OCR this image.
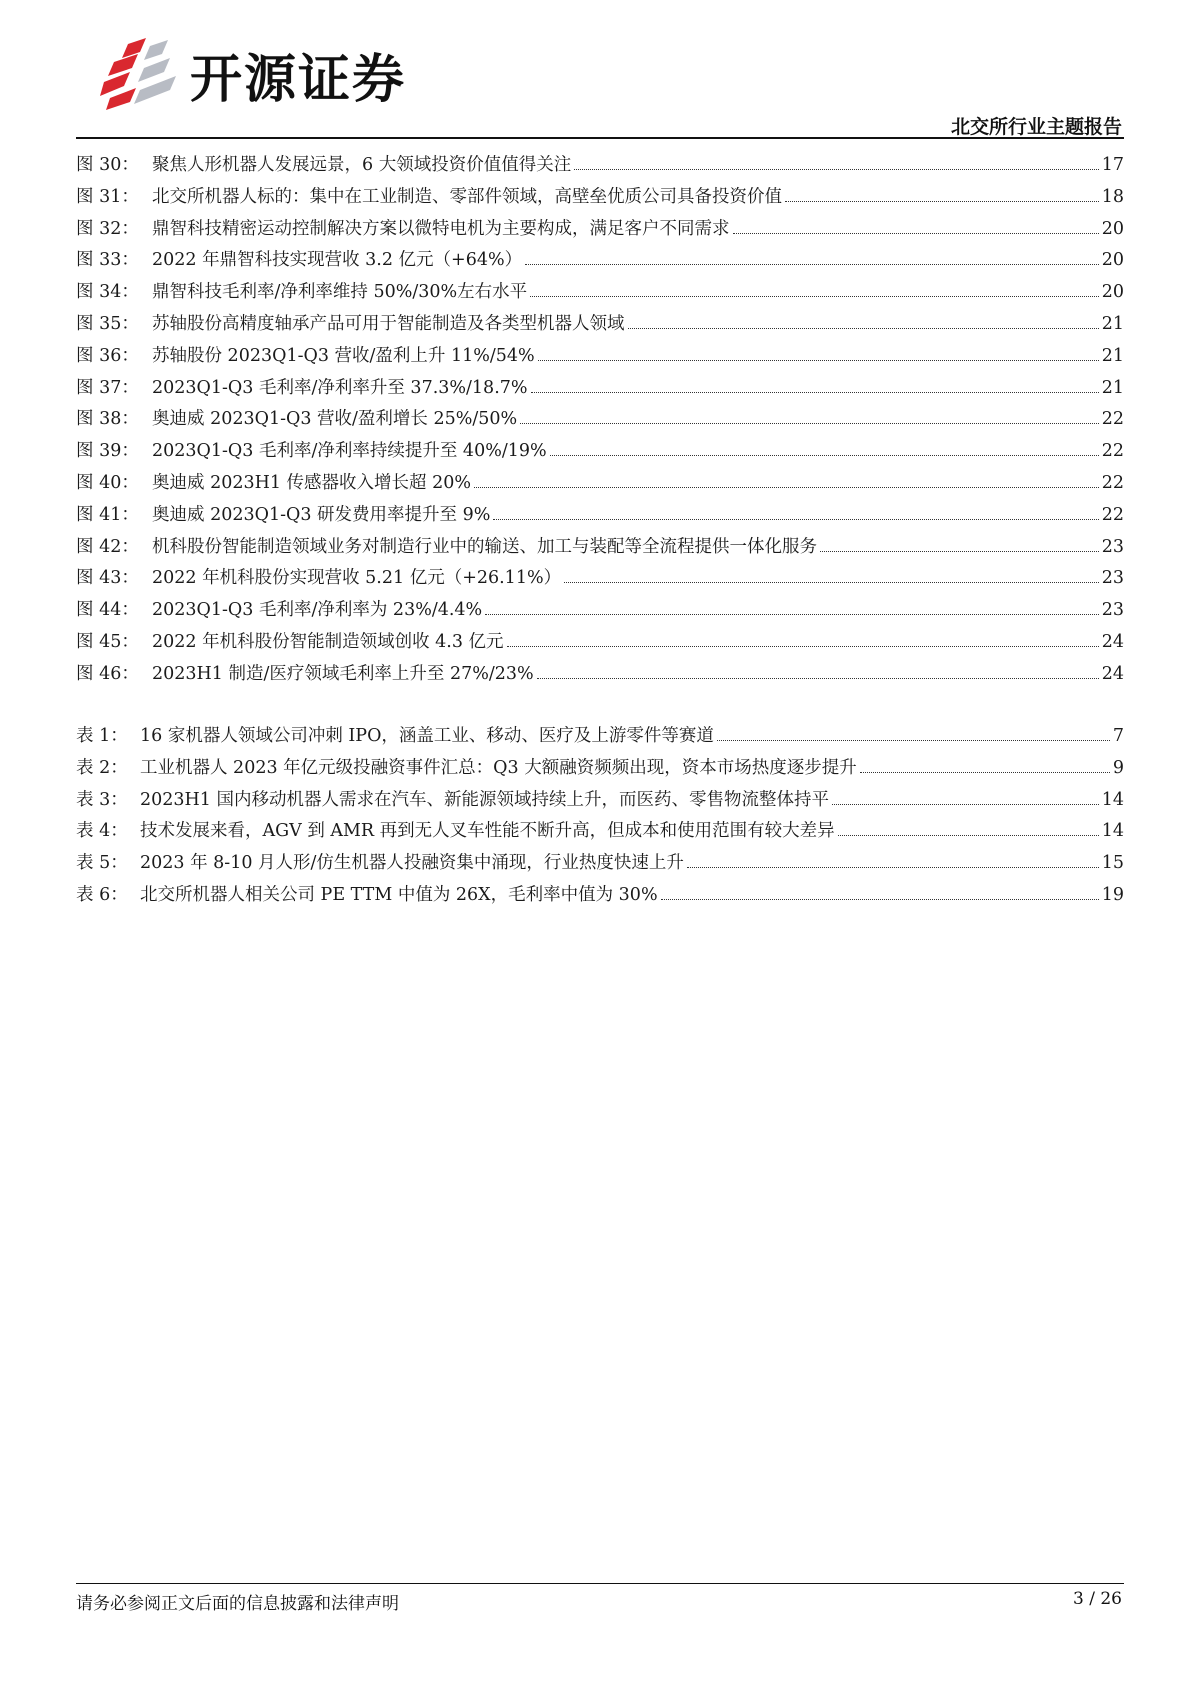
开源证券
北交所行业主题报告
图 30： 聚焦人形机器人发展远景，6 大领域投资价值值得关注	17
图 31： 北交所机器人标的：集中在工业制造、零部件领域，高壁垒优质公司具备投资价值	18
图 32： 鼎智科技精密运动控制解决方案以微特电机为主要构成，满足客户不同需求	20
图 33： 2022 年鼎智科技实现营收 3.2 亿元（+64%）	20
图 34： 鼎智科技毛利率/净利率维持 50%/30%左右水平	20
图 35： 苏轴股份高精度轴承产品可用于智能制造及各类型机器人领域	21
图 36： 苏轴股份 2023Q1-Q3 营收/盈利上升 11%/54%	21
图 37： 2023Q1-Q3 毛利率/净利率升至 37.3%/18.7%	21
图 38： 奥迪威 2023Q1-Q3 营收/盈利增长 25%/50%	22
图 39： 2023Q1-Q3 毛利率/净利率持续提升至 40%/19%	22
图 40： 奥迪威 2023H1 传感器收入增长超 20%	22
图 41： 奥迪威 2023Q1-Q3 研发费用率提升至 9%	22
图 42： 机科股份智能制造领域业务对制造行业中的输送、加工与装配等全流程提供一体化服务	23
图 43： 2022 年机科股份实现营收 5.21 亿元（+26.11%）	23
图 44： 2023Q1-Q3 毛利率/净利率为 23%/4.4%	23
图 45： 2022 年机科股份智能制造领域创收 4.3 亿元	24
图 46： 2023H1 制造/医疗领域毛利率上升至 27%/23%	24
表 1： 16 家机器人领域公司冲刺 IPO，涵盖工业、移动、医疗及上游零件等赛道	7
表 2： 工业机器人 2023 年亿元级投融资事件汇总：Q3 大额融资频频出现，资本市场热度逐步提升	9
表 3： 2023H1 国内移动机器人需求在汽车、新能源领域持续上升，而医药、零售物流整体持平	14
表 4： 技术发展来看，AGV 到 AMR 再到无人叉车性能不断升高，但成本和使用范围有较大差异	14
表 5： 2023 年 8-10 月人形/仿生机器人投融资集中涌现，行业热度快速上升	15
表 6： 北交所机器人相关公司 PE TTM 中值为 26X，毛利率中值为 30%	19
请务必参阅正文后面的信息披露和法律声明	3 / 26
